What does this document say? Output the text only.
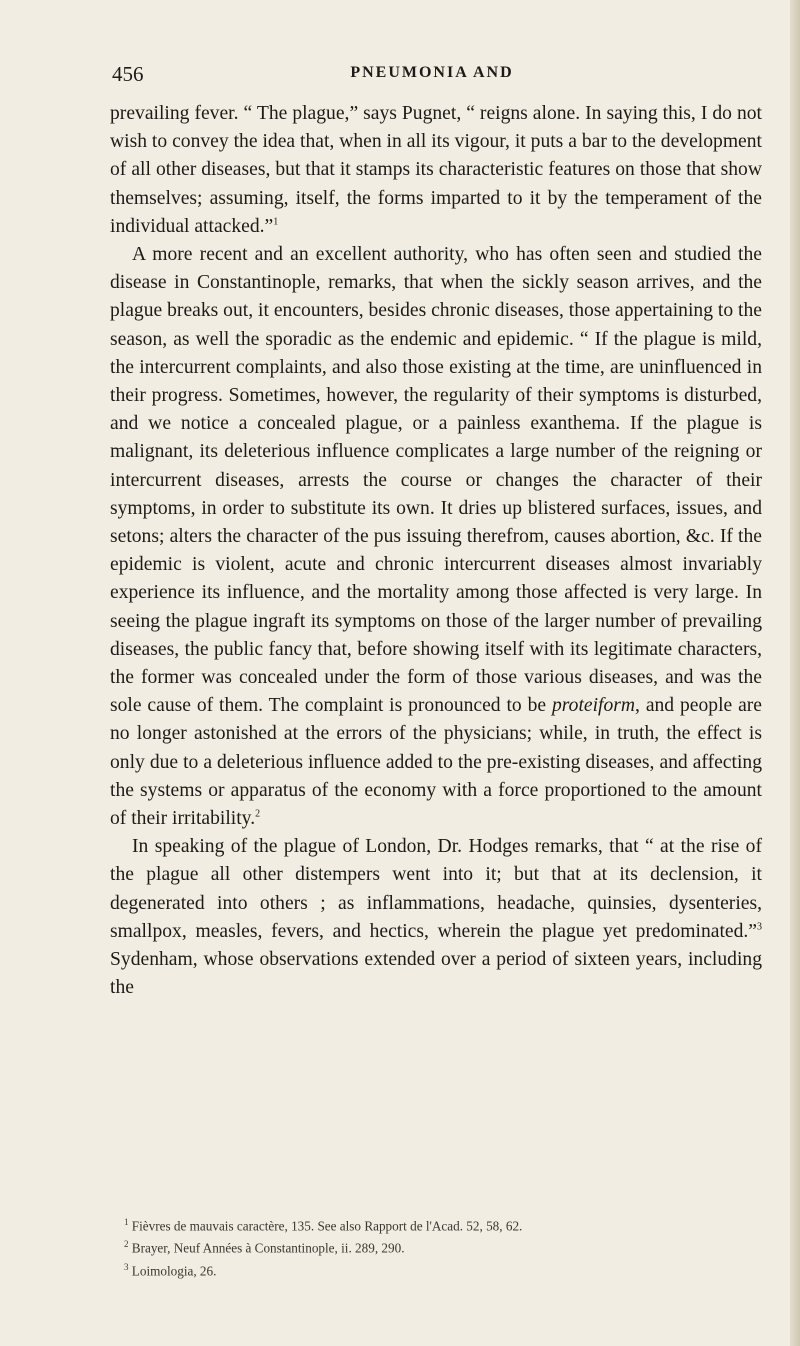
456	PNEUMONIA AND

prevailing fever. “ The plague,” says Pugnet, “ reigns alone. In saying this, I do not wish to convey the idea that, when in all its vigour, it puts a bar to the development of all other diseases, but that it stamps its characteristic features on those that show themselves; assuming, itself, the forms imparted to it by the temperament of the individual attacked.”$^1$

A more recent and an excellent authority, who has often seen and studied the disease in Constantinople, remarks, that when the sickly season arrives, and the plague breaks out, it encounters, besides chronic diseases, those appertaining to the season, as well the sporadic as the endemic and epidemic. “ If the plague is mild, the intercurrent complaints, and also those existing at the time, are uninfluenced in their progress. Sometimes, however, the regularity of their symptoms is disturbed, and we notice a concealed plague, or a painless exanthema. If the plague is malignant, its deleterious influence complicates a large number of the reigning or intercurrent diseases, arrests the course or changes the character of their symptoms, in order to substitute its own. It dries up blistered surfaces, issues, and setons; alters the character of the pus issuing therefrom, causes abortion, &c. If the epidemic is violent, acute and chronic intercurrent diseases almost invariably experience its influence, and the mortality among those affected is very large. In seeing the plague ingraft its symptoms on those of the larger number of prevailing diseases, the public fancy that, before showing itself with its legitimate characters, the former was concealed under the form of those various diseases, and was the sole cause of them. The complaint is pronounced to be proteiform, and people are no longer astonished at the errors of the physicians; while, in truth, the effect is only due to a deleterious influence added to the pre-existing diseases, and affecting the systems or apparatus of the economy with a force proportioned to the amount of their irritability.$^2$

In speaking of the plague of London, Dr. Hodges remarks, that “ at the rise of the plague all other distempers went into it; but that at its declension, it degenerated into others ; as inflammations, headache, quinsies, dysenteries, smallpox, measles, fevers, and hectics, wherein the plague yet predominated.”$^3$ Sydenham, whose observations extended over a period of sixteen years, including the

$^1$ Fièvres de mauvais caractère, 135. See also Rapport de l'Acad. 52, 58, 62.

$^2$ Brayer, Neuf Années à Constantinople, ii. 289, 290.

$^3$ Loimologia, 26.
